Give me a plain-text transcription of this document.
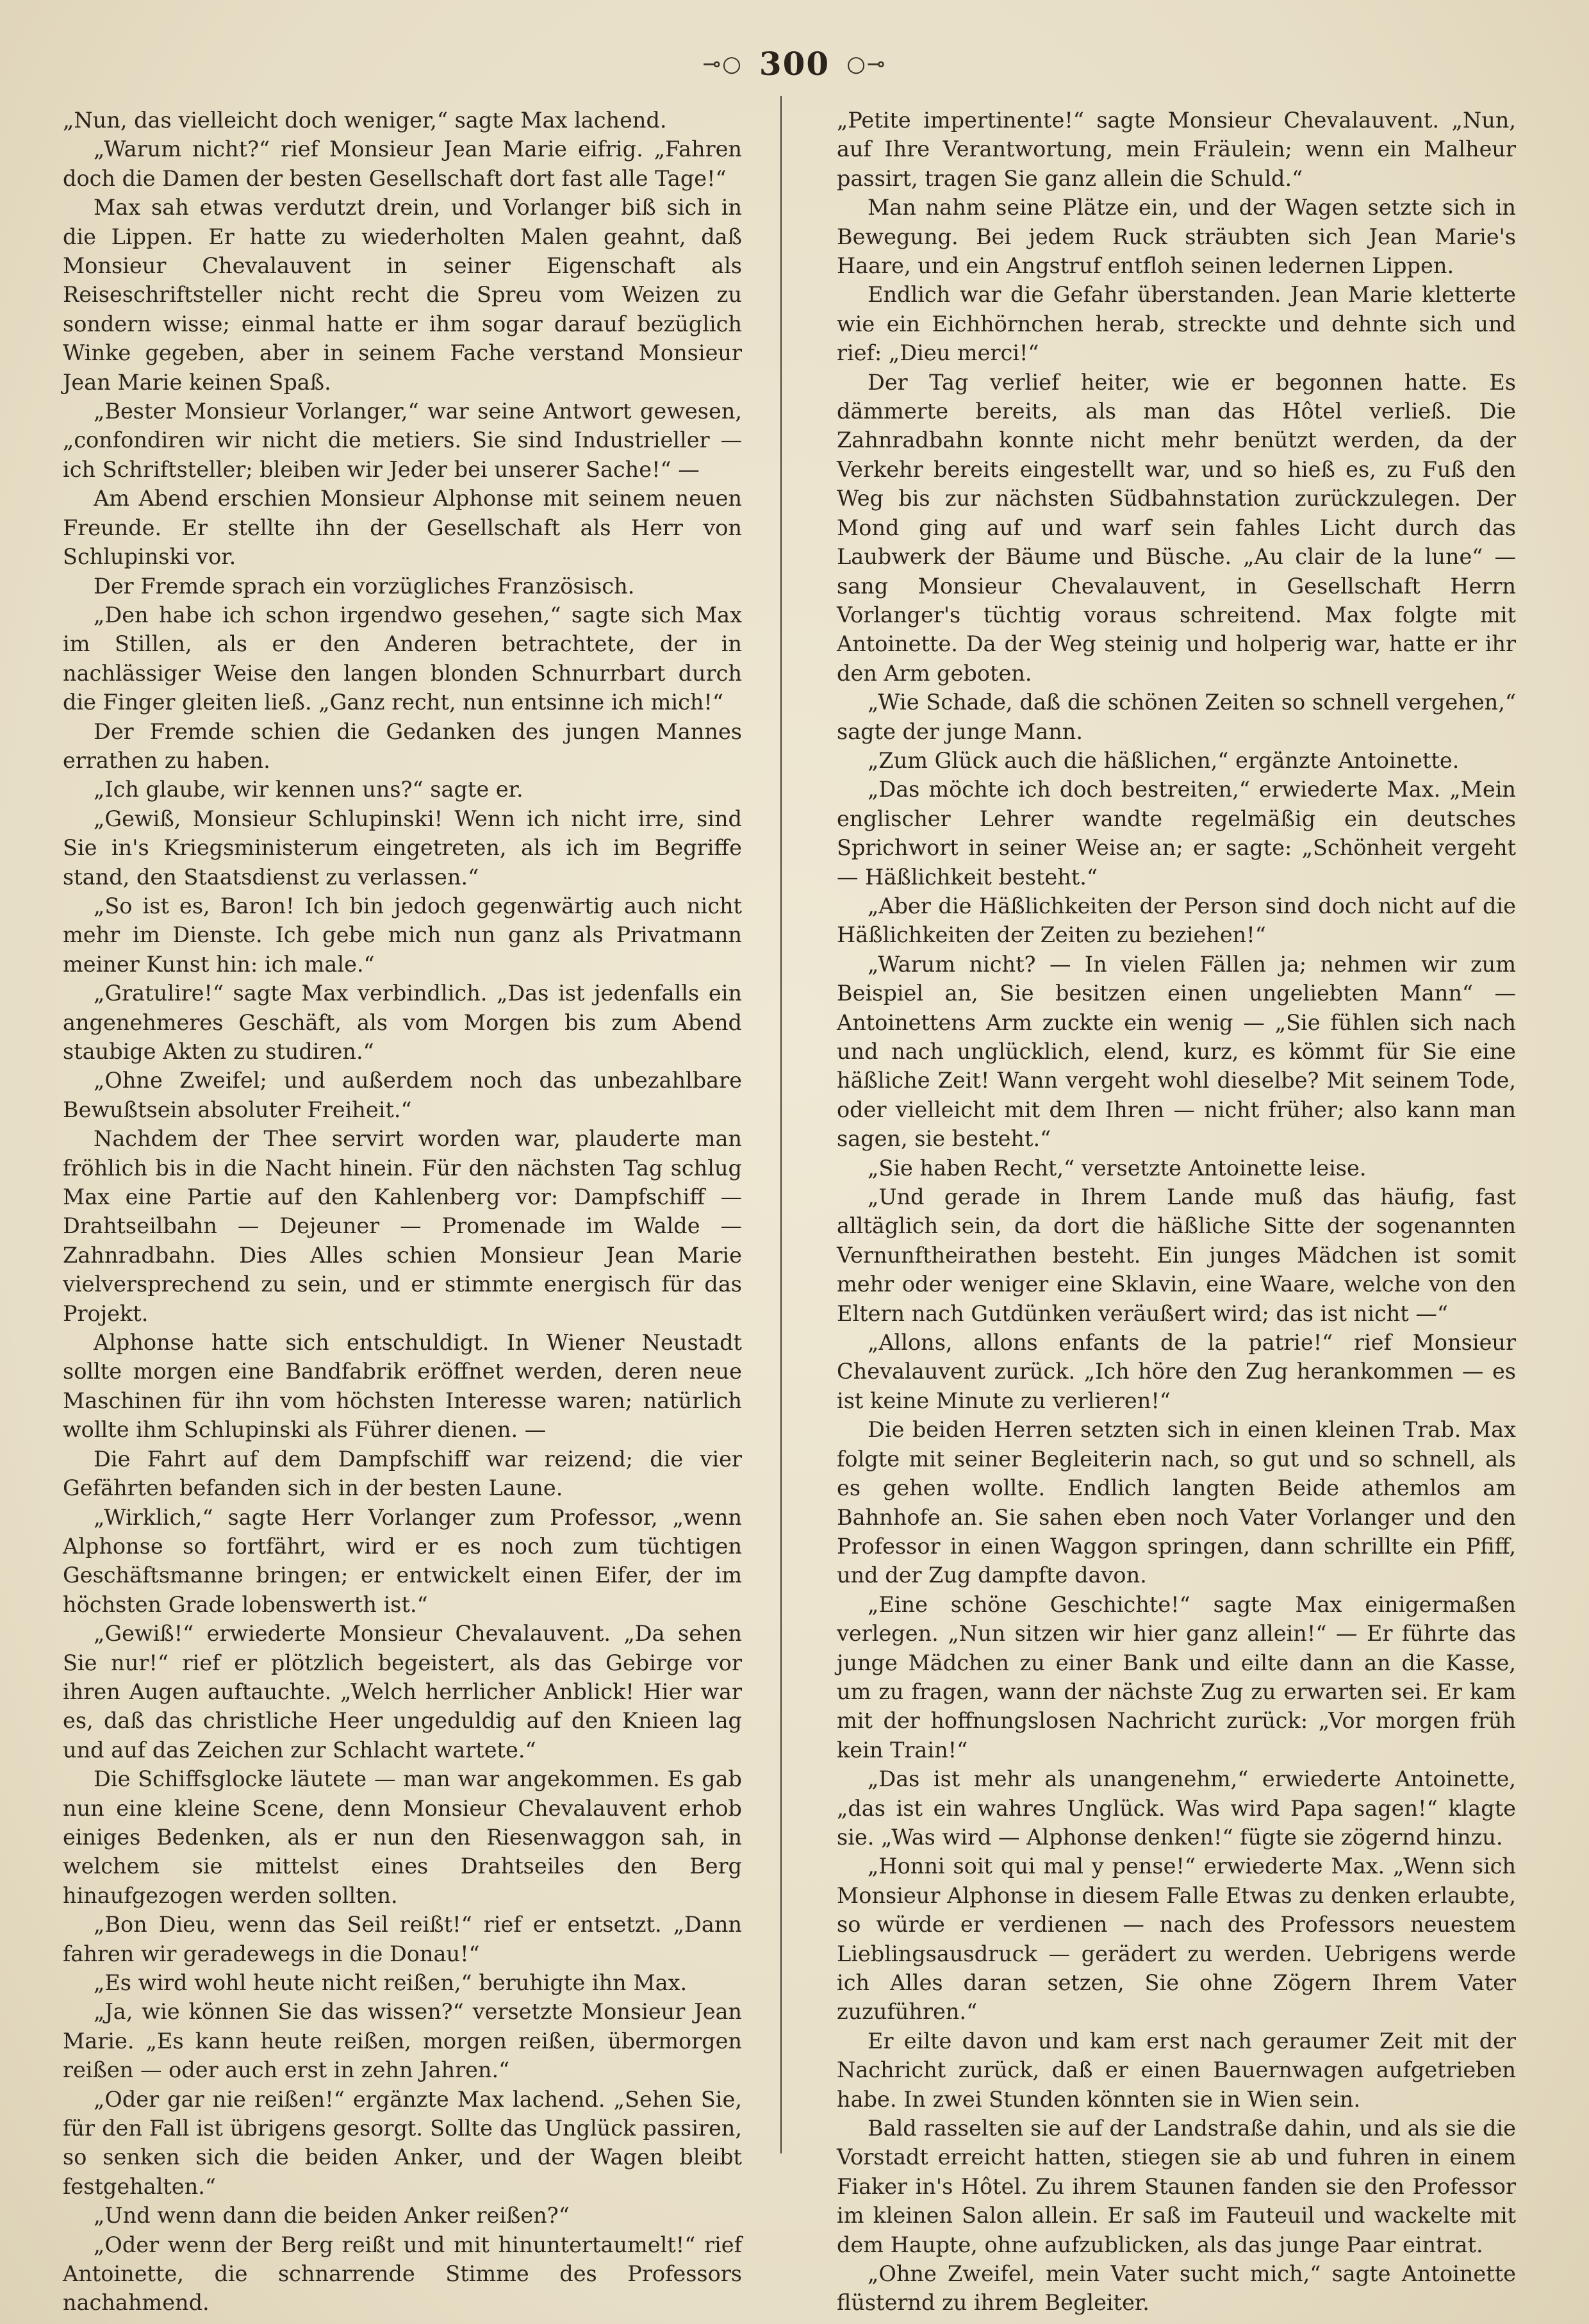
⊸○ 300 ○⊸

„Nun, das vielleicht doch weniger,“ sagte Max lachend.

„Warum nicht?“ rief Monsieur Jean Marie eifrig. „Fahren doch die Damen der besten Gesellschaft dort fast alle Tage!“

Max sah etwas verdutzt drein, und Vorlanger biß sich in die Lippen. Er hatte zu wiederholten Malen geahnt, daß Monsieur Chevalauvent in seiner Eigenschaft als Reiseschriftsteller nicht recht die Spreu vom Weizen zu sondern wisse; einmal hatte er ihm sogar darauf bezüglich Winke gegeben, aber in seinem Fache verstand Monsieur Jean Marie keinen Spaß.

„Bester Monsieur Vorlanger,“ war seine Antwort gewesen, „confondiren wir nicht die metiers. Sie sind Industrieller — ich Schriftsteller; bleiben wir Jeder bei unserer Sache!“ —

Am Abend erschien Monsieur Alphonse mit seinem neuen Freunde. Er stellte ihn der Gesellschaft als Herr von Schlupinski vor.

Der Fremde sprach ein vorzügliches Französisch.

„Den habe ich schon irgendwo gesehen,“ sagte sich Max im Stillen, als er den Anderen betrachtete, der in nachlässiger Weise den langen blonden Schnurrbart durch die Finger gleiten ließ. „Ganz recht, nun entsinne ich mich!“

Der Fremde schien die Gedanken des jungen Mannes errathen zu haben.

„Ich glaube, wir kennen uns?“ sagte er.

„Gewiß, Monsieur Schlupinski! Wenn ich nicht irre, sind Sie in's Kriegsministerum eingetreten, als ich im Begriffe stand, den Staatsdienst zu verlassen.“

„So ist es, Baron! Ich bin jedoch gegenwärtig auch nicht mehr im Dienste. Ich gebe mich nun ganz als Privatmann meiner Kunst hin: ich male.“

„Gratulire!“ sagte Max verbindlich. „Das ist jedenfalls ein angenehmeres Geschäft, als vom Morgen bis zum Abend staubige Akten zu studiren.“

„Ohne Zweifel; und außerdem noch das unbezahlbare Bewußtsein absoluter Freiheit.“

Nachdem der Thee servirt worden war, plauderte man fröhlich bis in die Nacht hinein. Für den nächsten Tag schlug Max eine Partie auf den Kahlenberg vor: Dampfschiff — Drahtseilbahn — Dejeuner — Promenade im Walde — Zahnradbahn. Dies Alles schien Monsieur Jean Marie vielversprechend zu sein, und er stimmte energisch für das Projekt.

Alphonse hatte sich entschuldigt. In Wiener Neustadt sollte morgen eine Bandfabrik eröffnet werden, deren neue Maschinen für ihn vom höchsten Interesse waren; natürlich wollte ihm Schlupinski als Führer dienen. —

Die Fahrt auf dem Dampfschiff war reizend; die vier Gefährten befanden sich in der besten Laune.

„Wirklich,“ sagte Herr Vorlanger zum Professor, „wenn Alphonse so fortfährt, wird er es noch zum tüchtigen Geschäftsmanne bringen; er entwickelt einen Eifer, der im höchsten Grade lobenswerth ist.“

„Gewiß!“ erwiederte Monsieur Chevalauvent. „Da sehen Sie nur!“ rief er plötzlich begeistert, als das Gebirge vor ihren Augen auftauchte. „Welch herrlicher Anblick! Hier war es, daß das christliche Heer ungeduldig auf den Knieen lag und auf das Zeichen zur Schlacht wartete.“

Die Schiffsglocke läutete — man war angekommen. Es gab nun eine kleine Scene, denn Monsieur Chevalauvent erhob einiges Bedenken, als er nun den Riesenwaggon sah, in welchem sie mittelst eines Drahtseiles den Berg hinaufgezogen werden sollten.

„Bon Dieu, wenn das Seil reißt!“ rief er entsetzt. „Dann fahren wir geradewegs in die Donau!“

„Es wird wohl heute nicht reißen,“ beruhigte ihn Max.

„Ja, wie können Sie das wissen?“ versetzte Monsieur Jean Marie. „Es kann heute reißen, morgen reißen, übermorgen reißen — oder auch erst in zehn Jahren.“

„Oder gar nie reißen!“ ergänzte Max lachend. „Sehen Sie, für den Fall ist übrigens gesorgt. Sollte das Unglück passiren, so senken sich die beiden Anker, und der Wagen bleibt festgehalten.“

„Und wenn dann die beiden Anker reißen?“

„Oder wenn der Berg reißt und mit hinuntertaumelt!“ rief Antoinette, die schnarrende Stimme des Professors nachahmend.

„Petite impertinente!“ sagte Monsieur Chevalauvent. „Nun, auf Ihre Verantwortung, mein Fräulein; wenn ein Malheur passirt, tragen Sie ganz allein die Schuld.“

Man nahm seine Plätze ein, und der Wagen setzte sich in Bewegung. Bei jedem Ruck sträubten sich Jean Marie's Haare, und ein Angstruf entfloh seinen ledernen Lippen.

Endlich war die Gefahr überstanden. Jean Marie kletterte wie ein Eichhörnchen herab, streckte und dehnte sich und rief: „Dieu merci!“

Der Tag verlief heiter, wie er begonnen hatte. Es dämmerte bereits, als man das Hôtel verließ. Die Zahnradbahn konnte nicht mehr benützt werden, da der Verkehr bereits eingestellt war, und so hieß es, zu Fuß den Weg bis zur nächsten Südbahnstation zurückzulegen. Der Mond ging auf und warf sein fahles Licht durch das Laubwerk der Bäume und Büsche. „Au clair de la lune“ — sang Monsieur Chevalauvent, in Gesellschaft Herrn Vorlanger's tüchtig voraus schreitend. Max folgte mit Antoinette. Da der Weg steinig und holperig war, hatte er ihr den Arm geboten.

„Wie Schade, daß die schönen Zeiten so schnell vergehen,“ sagte der junge Mann.

„Zum Glück auch die häßlichen,“ ergänzte Antoinette.

„Das möchte ich doch bestreiten,“ erwiederte Max. „Mein englischer Lehrer wandte regelmäßig ein deutsches Sprichwort in seiner Weise an; er sagte: „Schönheit vergeht — Häßlichkeit besteht.“

„Aber die Häßlichkeiten der Person sind doch nicht auf die Häßlichkeiten der Zeiten zu beziehen!“

„Warum nicht? — In vielen Fällen ja; nehmen wir zum Beispiel an, Sie besitzen einen ungeliebten Mann“ — Antoinettens Arm zuckte ein wenig — „Sie fühlen sich nach und nach unglücklich, elend, kurz, es kömmt für Sie eine häßliche Zeit! Wann vergeht wohl dieselbe? Mit seinem Tode, oder vielleicht mit dem Ihren — nicht früher; also kann man sagen, sie besteht.“

„Sie haben Recht,“ versetzte Antoinette leise.

„Und gerade in Ihrem Lande muß das häufig, fast alltäglich sein, da dort die häßliche Sitte der sogenannten Vernunftheirathen besteht. Ein junges Mädchen ist somit mehr oder weniger eine Sklavin, eine Waare, welche von den Eltern nach Gutdünken veräußert wird; das ist nicht —“

„Allons, allons enfants de la patrie!“ rief Monsieur Chevalauvent zurück. „Ich höre den Zug herankommen — es ist keine Minute zu verlieren!“

Die beiden Herren setzten sich in einen kleinen Trab. Max folgte mit seiner Begleiterin nach, so gut und so schnell, als es gehen wollte. Endlich langten Beide athemlos am Bahnhofe an. Sie sahen eben noch Vater Vorlanger und den Professor in einen Waggon springen, dann schrillte ein Pfiff, und der Zug dampfte davon.

„Eine schöne Geschichte!“ sagte Max einigermaßen verlegen. „Nun sitzen wir hier ganz allein!“ — Er führte das junge Mädchen zu einer Bank und eilte dann an die Kasse, um zu fragen, wann der nächste Zug zu erwarten sei. Er kam mit der hoffnungslosen Nachricht zurück: „Vor morgen früh kein Train!“

„Das ist mehr als unangenehm,“ erwiederte Antoinette, „das ist ein wahres Unglück. Was wird Papa sagen!“ klagte sie. „Was wird — Alphonse denken!“ fügte sie zögernd hinzu.

„Honni soit qui mal y pense!“ erwiederte Max. „Wenn sich Monsieur Alphonse in diesem Falle Etwas zu denken erlaubte, so würde er verdienen — nach des Professors neuestem Lieblingsausdruck — gerädert zu werden. Uebrigens werde ich Alles daran setzen, Sie ohne Zögern Ihrem Vater zuzuführen.“

Er eilte davon und kam erst nach geraumer Zeit mit der Nachricht zurück, daß er einen Bauernwagen aufgetrieben habe. In zwei Stunden könnten sie in Wien sein.

Bald rasselten sie auf der Landstraße dahin, und als sie die Vorstadt erreicht hatten, stiegen sie ab und fuhren in einem Fiaker in's Hôtel. Zu ihrem Staunen fanden sie den Professor im kleinen Salon allein. Er saß im Fauteuil und wackelte mit dem Haupte, ohne aufzublicken, als das junge Paar eintrat.

„Ohne Zweifel, mein Vater sucht mich,“ sagte Antoinette flüsternd zu ihrem Begleiter.
